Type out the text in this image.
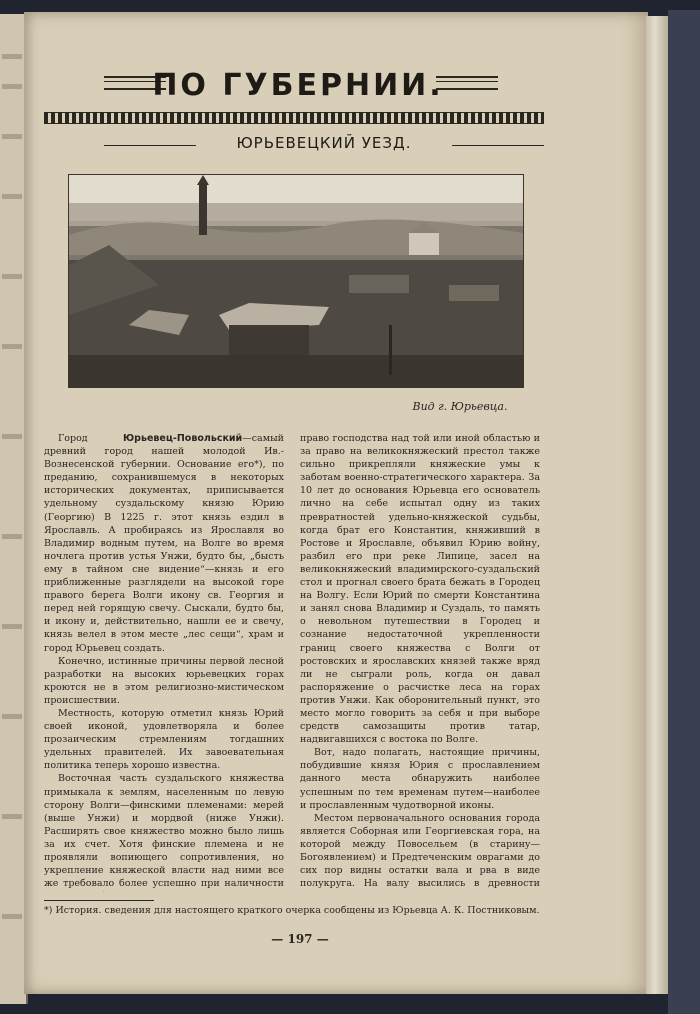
ПО ГУБЕРНИИ.
ЮРЬЕВЕЦКИЙ УЕЗД.
Вид г. Юрьевца.

Город Юрьевец-Повольский—самый древний город нашей молодой Ив.-Вознесенской губернии. Основание его*), по преданию, сохранившемуся в некоторых исторических документах, приписывается удельному суздальскому князю Юрию (Георгию) В 1225 г. этот князь ездил в Ярославль. А пробираясь из Ярославля во Владимир водным путем, на Волге во время ночлега против устья Унжи, будто бы, „бысть ему в тайном сне видение“—князь и его приближенные разглядели на высокой горе правого берега Волги икону св. Георгия и перед ней горящую свечу. Сыскали, будто бы, и икону и, действительно, нашли ее и свечу, князь велел в этом месте „лес сещи“, храм и город Юрьевец создать.

Конечно, истинные причины первой лесной разработки на высоких юрьевецких горах кроются не в этом религиозно-мистическом происшествии.

Местность, которую отметил князь Юрий своей иконой, удовлетворяла и более прозаическим стремлениям тогдашних удельных правителей. Их завоевательная политика теперь хорошо известна.

Восточная часть суздальского княжества примыкала к землям, населенным по левую сторону Волги—финскими племенами: мерей (выше Унжи) и мордвой (ниже Унжи). Расширять свое княжество можно было лишь за их счет. Хотя финские племена и не проявляли вопиющего сопротивления, но укрепление княжеской власти над ними все же требовало более успешно при наличности

право господства над той или иной областью и за право на великокняжеский престол также сильно прикрепляли княжеские умы к заботам военно-стратегического характера. За 10 лет до основания Юрьевца его основатель лично на себе испытал одну из таких превратностей удельно-княжеской судьбы, когда брат его Константин, княживший в Ростове и Ярославле, объявил Юрию войну, разбил его при реке Липице, засел на великокняжеский владимирского-суздальский стол и прогнал своего брата бежать в Городец на Волгу. Если Юрий по смерти Константина и занял снова Владимир и Суздаль, то память о невольном путешествии в Городец и сознание недостаточной укрепленности границ своего княжества с Волги от ростовских и ярославских князей также вряд ли не сыграли роль, когда он давал распоряжение о расчистке леса на горах против Унжи. Как оборонительный пункт, это место могло говорить за себя и при выборе средств самозащиты против татар, надвигавшихся с востока по Волге.

Вот, надо полагать, настоящие причины, побудившие князя Юрия с прославлением данного места обнаружить наиболее успешным по тем временам путем—наиболее и прославленным чудотворной иконы.

Местом первоначального основания города является Соборная или Георгиевская гора, на которой между Повосельем (в старину—Богоявлением) и Предтеченским оврагами до сих пор видны остатки вала и рва в виде полукруга. На валу высились в древности

*) История. сведения для настоящего краткого очерка сообщены из Юрьевца А. К. Постниковым.
— 197 —
